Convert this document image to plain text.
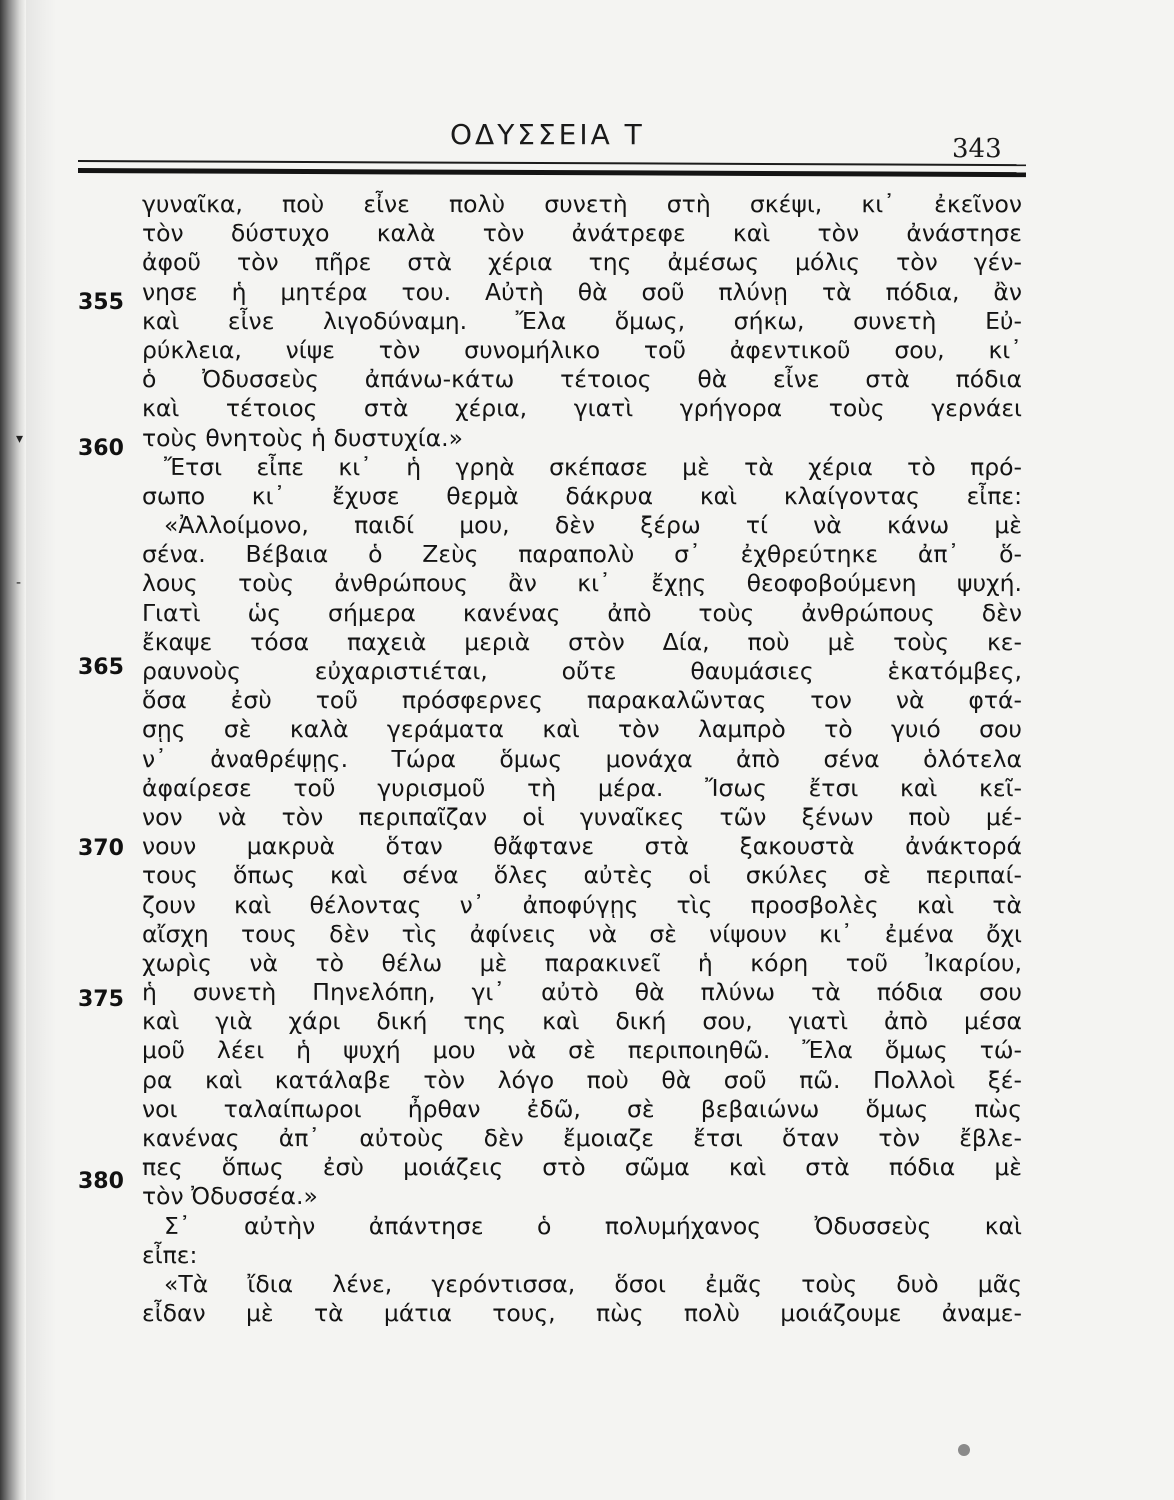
ΟΔΥΣΣΕΙΑ Τ	343
▾
-
355
360
365
370
375
380
γυναῖκα, ποὺ εἶνε πολὺ συνετὴ στὴ σκέψι, κι᾿ ἐκεῖνον
τὸν δύστυχο καλὰ τὸν ἀνάτρεφε καὶ τὸν ἀνάστησε
ἀφοῦ τὸν πῆρε στὰ χέρια της ἀμέσως μόλις τὸν γέν-
νησε ἡ μητέρα του. Αὐτὴ θὰ σοῦ πλύνῃ τὰ πόδια, ἂν
καὶ εἶνε λιγοδύναμη. Ἔλα ὅμως, σήκω, συνετὴ Εὐ-
ρύκλεια, νίψε τὸν συνομήλικο τοῦ ἀφεντικοῦ σου, κι᾿
ὁ Ὀδυσσεὺς ἀπάνω-κάτω τέτοιος θὰ εἶνε στὰ πόδια
καὶ τέτοιος στὰ χέρια, γιατὶ γρήγορα τοὺς γερνάει
τοὺς θνητοὺς ἡ δυστυχία.»
Ἔτσι εἶπε κι᾿ ἡ γρηὰ σκέπασε μὲ τὰ χέρια τὸ πρό-
σωπο κι᾿ ἔχυσε θερμὰ δάκρυα καὶ κλαίγοντας εἶπε:
«Ἀλλοίμονο, παιδί μου, δὲν ξέρω τί νὰ κάνω μὲ
σένα. Βέβαια ὁ Ζεὺς παραπολὺ σ᾿ ἐχθρεύτηκε ἀπ᾿ ὅ-
λους τοὺς ἀνθρώπους ἂν κι᾿ ἔχῃς θεοφοβούμενη ψυχή.
Γιατὶ ὡς σήμερα κανένας ἀπὸ τοὺς ἀνθρώπους δὲν
ἔκαψε τόσα παχειὰ μεριὰ στὸν Δία, ποὺ μὲ τοὺς κε-
ραυνοὺς εὐχαριστιέται, οὔτε θαυμάσιες ἑκατόμβες,
ὅσα ἐσὺ τοῦ πρόσφερνες παρακαλῶντας τον νὰ φτά-
σῃς σὲ καλὰ γεράματα καὶ τὸν λαμπρὸ τὸ γυιό σου
ν᾿ ἀναθρέψῃς. Τώρα ὅμως μονάχα ἀπὸ σένα ὁλότελα
ἀφαίρεσε τοῦ γυρισμοῦ τὴ μέρα. Ἴσως ἔτσι καὶ κεῖ-
νον νὰ τὸν περιπαῖζαν οἱ γυναῖκες τῶν ξένων ποὺ μέ-
νουν μακρυὰ ὅταν θἄφτανε στὰ ξακουστὰ ἀνάκτορά
τους ὅπως καὶ σένα ὅλες αὐτὲς οἱ σκύλες σὲ περιπαί-
ζουν καὶ θέλοντας ν᾿ ἀποφύγῃς τὶς προσβολὲς καὶ τὰ
αἴσχη τους δὲν τὶς ἀφίνεις νὰ σὲ νίψουν κι᾿ ἐμένα ὄχι
χωρὶς νὰ τὸ θέλω μὲ παρακινεῖ ἡ κόρη τοῦ Ἰκαρίου,
ἡ συνετὴ Πηνελόπη, γι᾿ αὐτὸ θὰ πλύνω τὰ πόδια σου
καὶ γιὰ χάρι δική της καὶ δική σου, γιατὶ ἀπὸ μέσα
μοῦ λέει ἡ ψυχή μου νὰ σὲ περιποιηθῶ. Ἔλα ὅμως τώ-
ρα καὶ κατάλαβε τὸν λόγο ποὺ θὰ σοῦ πῶ. Πολλοὶ ξέ-
νοι ταλαίπωροι ἦρθαν ἐδῶ, σὲ βεβαιώνω ὅμως πὼς
κανένας ἀπ᾿ αὐτοὺς δὲν ἔμοιαζε ἔτσι ὅταν τὸν ἔβλε-
πες ὅπως ἐσὺ μοιάζεις στὸ σῶμα καὶ στὰ πόδια μὲ
τὸν Ὀδυσσέα.»
Σ᾿ αὐτὴν ἀπάντησε ὁ πολυμήχανος Ὀδυσσεὺς καὶ
εἶπε:
«Τὰ ἴδια λένε, γερόντισσα, ὅσοι ἐμᾶς τοὺς δυὸ μᾶς
εἶδαν μὲ τὰ μάτια τους, πὼς πολὺ μοιάζουμε ἀναμε-
